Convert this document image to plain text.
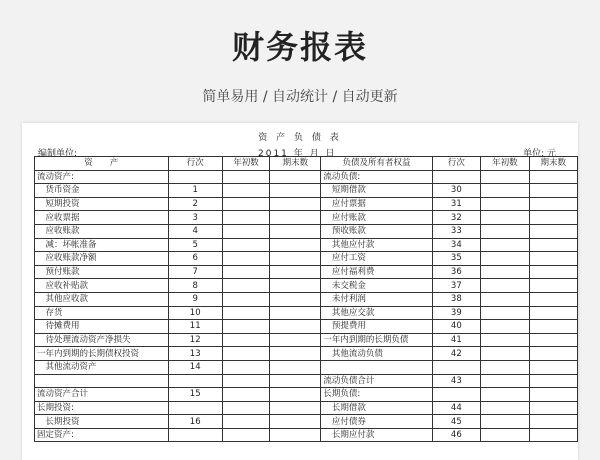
财务报表
简单易用 / 自动统计 / 自动更新
资 产 负 债 表
编制单位:	2011 年 月 日	单位: 元
资　　产	行次	年初数	期末数	负债及所有者权益	行次	年初数	期末数
流动资产:				流动负债:			
　货币资金	1			　短期借款	30		
　短期投资	2			　应付票据	31		
　应收票据	3			　应付账款	32		
　应收账款	4			　预收账款	33		
　减：坏帐准备	5			　其他应付款	34		
　应收账款净额	6			　应付工资	35		
　预付账款	7			　应付福利费	36		
　应收补贴款	8			　未交税金	37		
　其他应收款	9			　未付利润	38		
　存货	10			　其他应交款	39		
　待摊费用	11			　预提费用	40		
　待处理流动资产净损失	12			一年内到期的长期负债	41		
一年内到期的长期债权投资	13			　其他流动负债	42		
　其他流动资产	14						
				流动负债合计	43		
流动资产合计	15			长期负债:			
长期投资:				　长期借款	44		
　长期投资	16			　应付债券	45		
固定资产:				　长期应付款	46		
